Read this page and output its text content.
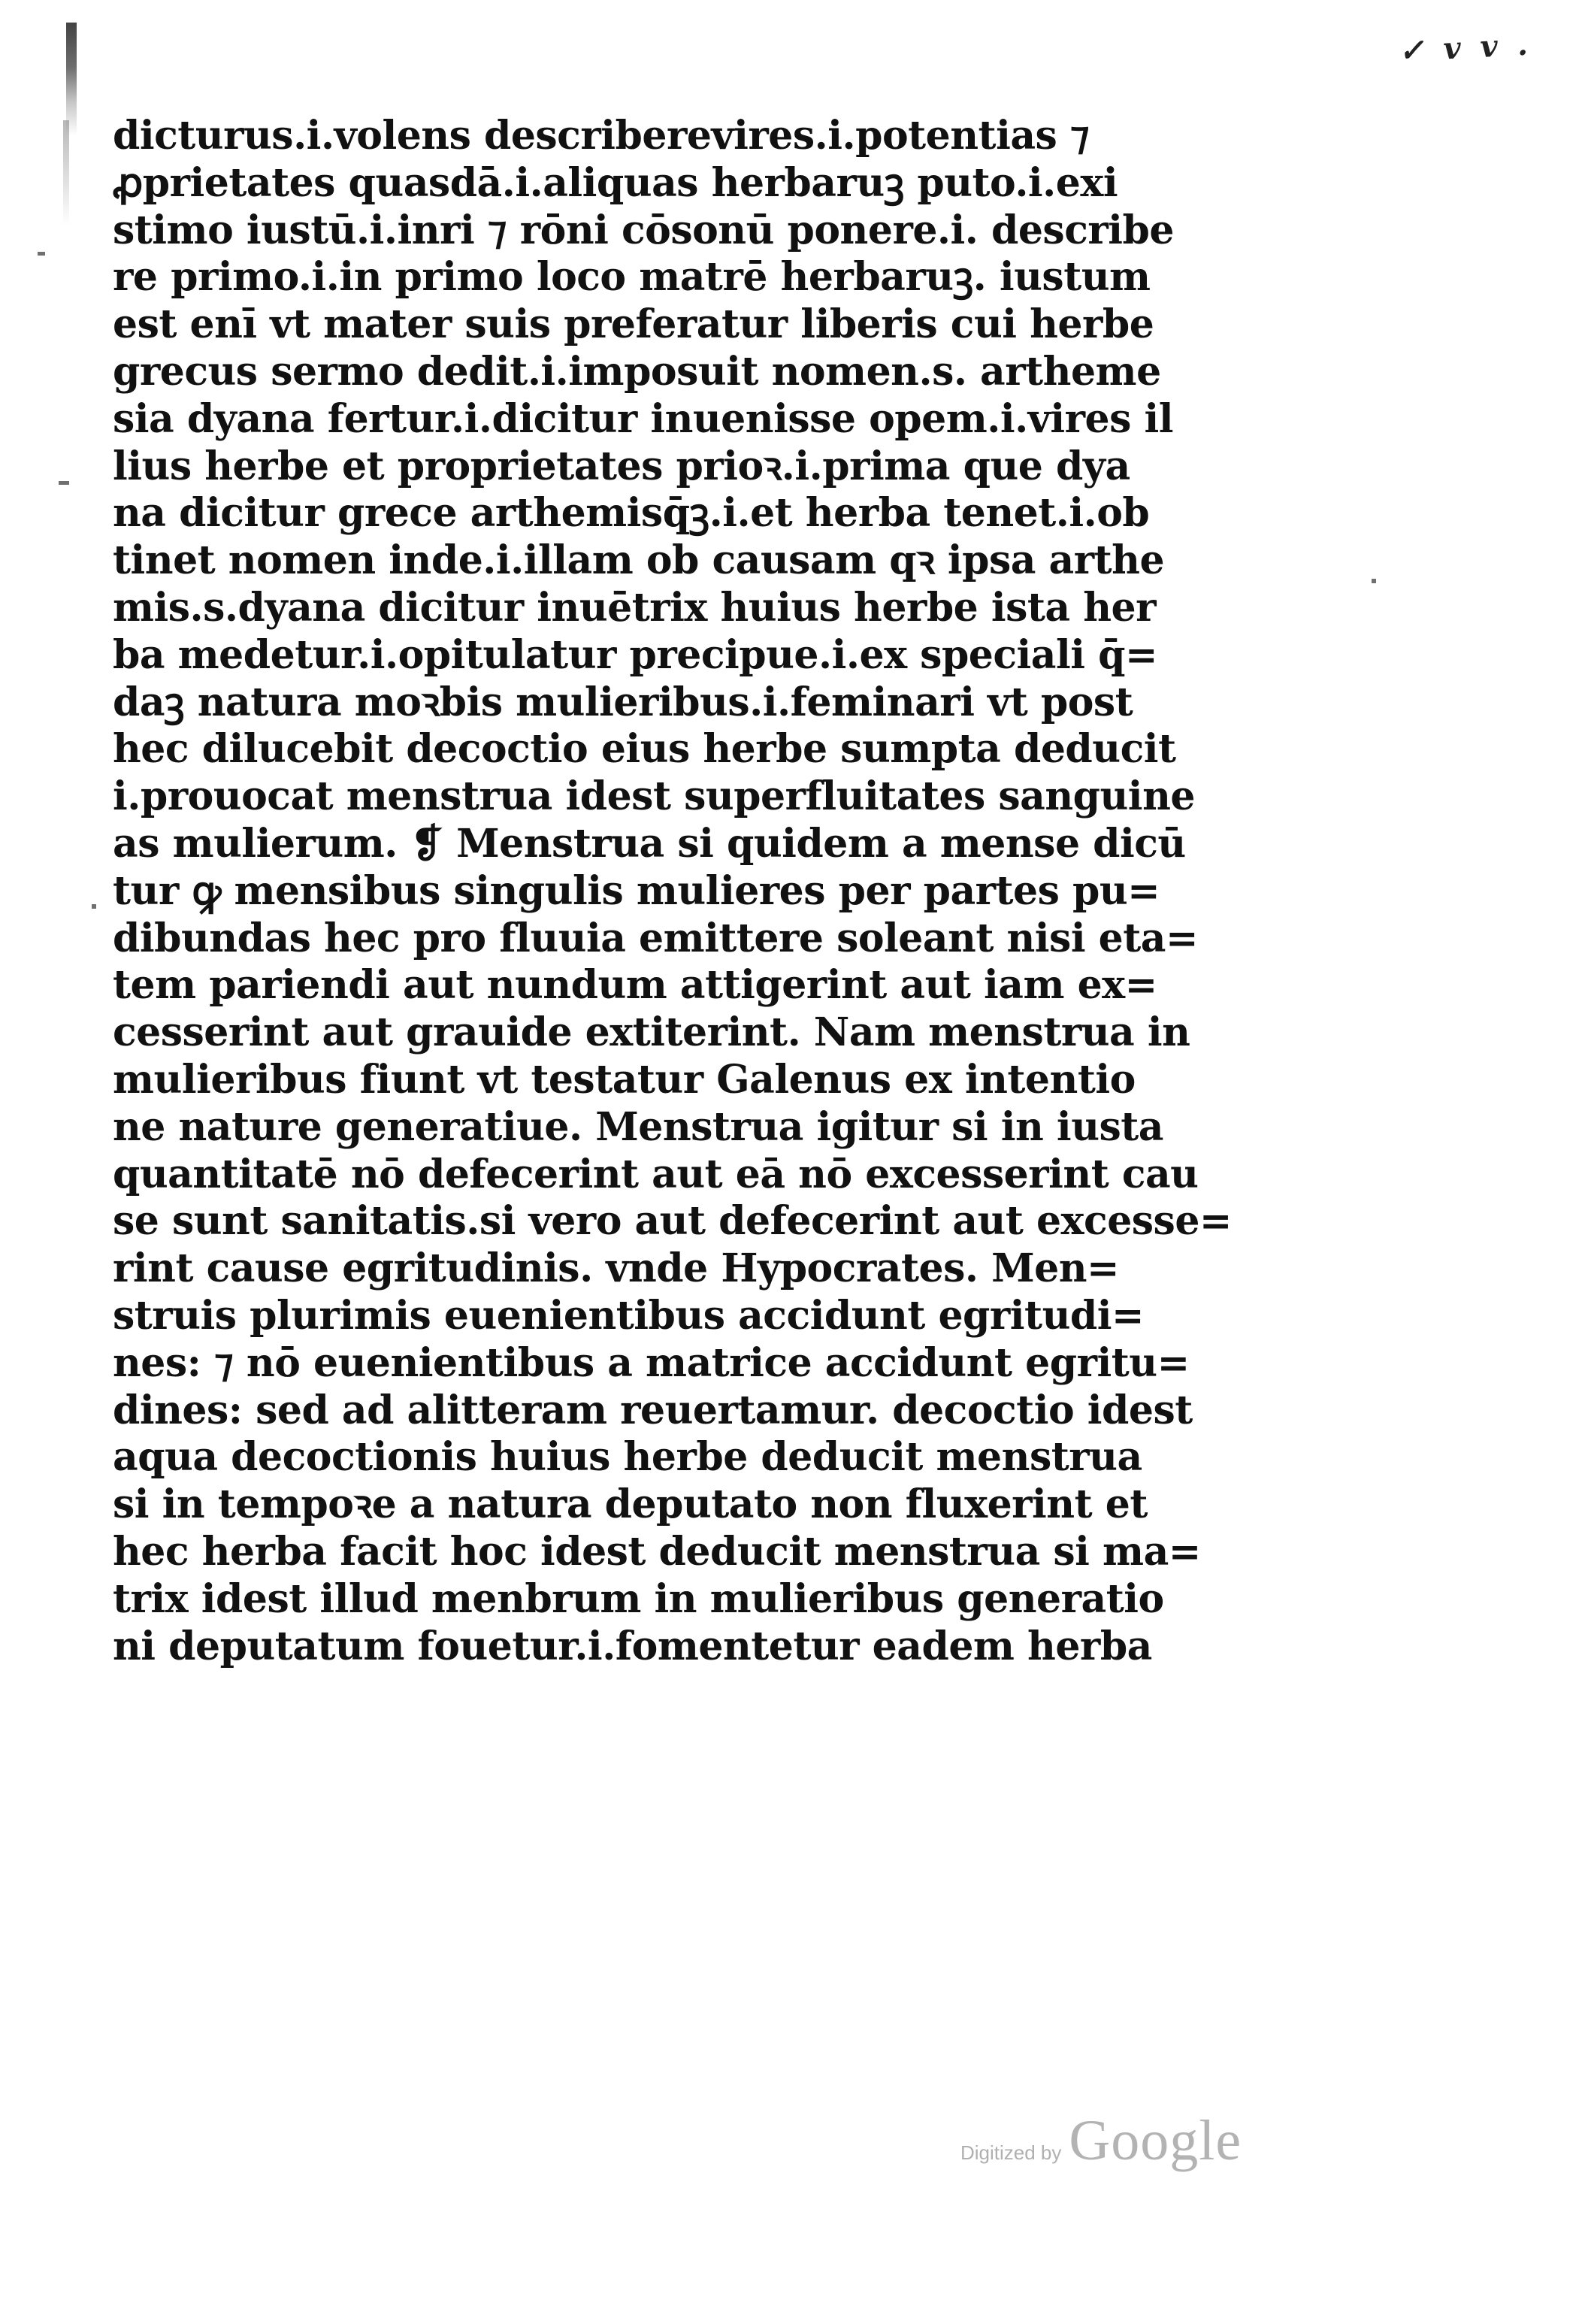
✓ v v .
dicturus.i.volens describerevires.i.potentias ⁊
ꝓprietates quasdā.i.aliquas herbaruꝫ puto.i.exi
stimo iustū.i.inri ⁊ rōni cōsonū ponere.i. describe
re primo.i.in primo loco matrē herbaruꝫ. iustum
est enī vt mater suis preferatur liberis cui herbe
grecus sermo dedit.i.imposuit nomen.s. artheme
sia dyana fertur.i.dicitur inuenisse opem.i.vires il
lius herbe et proprietates prioꝛ.i.prima que dya
na dicitur grece arthemisq̄ꝫ.i.et herba tenet.i.ob
tinet nomen inde.i.illam ob causam qꝛ ipsa arthe
mis.s.dyana dicitur inuētrix huius herbe ista her
ba medetur.i.opitulatur precipue.i.ex speciali q̄=
daꝫ natura moꝛbis mulieribus.i.feminari vt post
hec dilucebit decoctio eius herbe sumpta deducit
i.prouocat menstrua idest superfluitates sanguine
as mulierum. ❡ Menstrua si quidem a mense dicū
tur ꝙ mensibus singulis mulieres per partes pu=
dibundas hec pro fluuia emittere soleant nisi eta=
tem pariendi aut nundum attigerint aut iam ex=
cesserint aut grauide extiterint. Nam menstrua in
mulieribus fiunt vt testatur Galenus ex intentio
ne nature generatiue. Menstrua igitur si in iusta
quantitatē nō defecerint aut eā nō excesserint cau
se sunt sanitatis.si vero aut defecerint aut excesse=
rint cause egritudinis. vnde Hypocrates. Men=
struis plurimis euenientibus accidunt egritudi=
nes: ⁊ nō euenientibus a matrice accidunt egritu=
dines: sed ad alitteram reuertamur. decoctio idest
aqua decoctionis huius herbe deducit menstrua
si in tempoꝛe a natura deputato non fluxerint et
hec herba facit hoc idest deducit menstrua si ma=
trix idest illud menbrum in mulieribus generatio
ni deputatum fouetur.i.fomentetur eadem herba
Digitized by Google
